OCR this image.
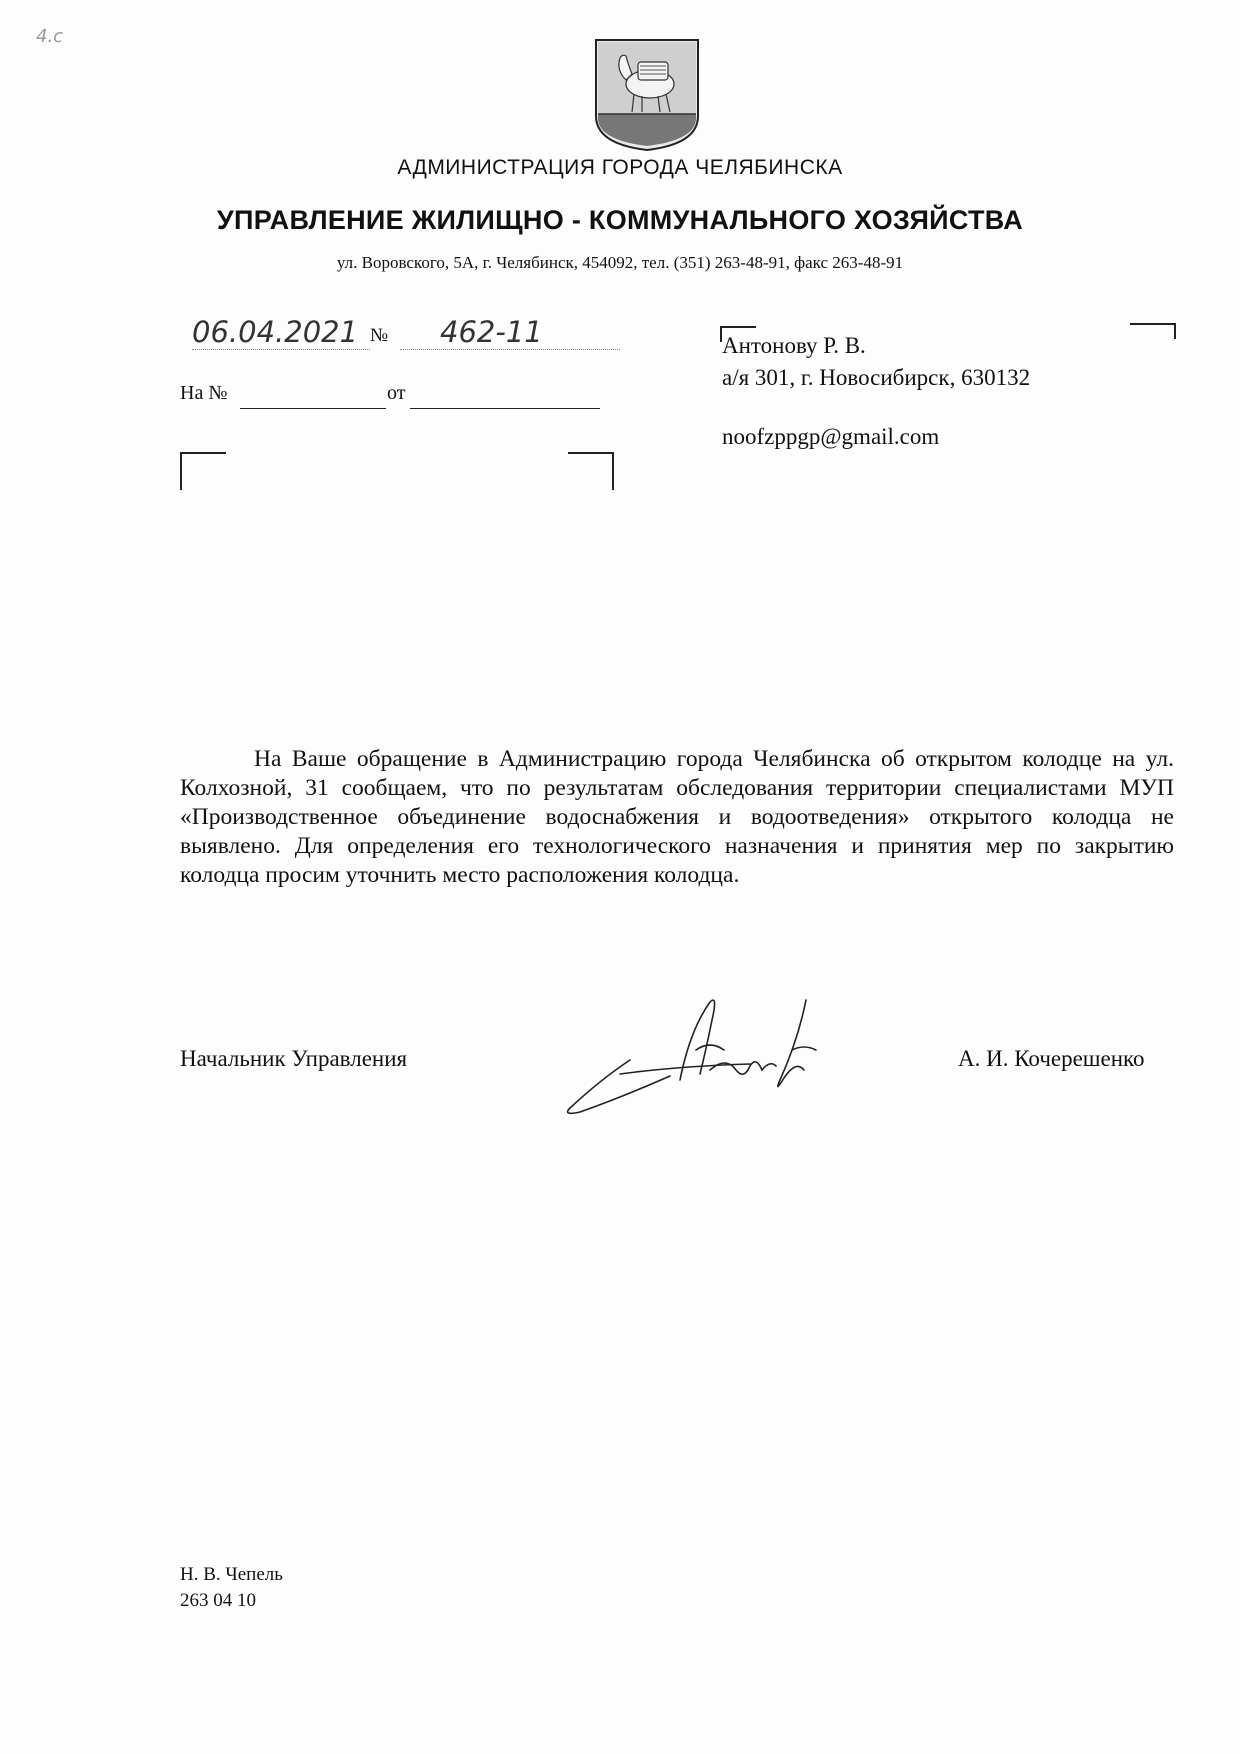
4.c
АДМИНИСТРАЦИЯ ГОРОДА ЧЕЛЯБИНСКА
УПРАВЛЕНИЕ ЖИЛИЩНО - КОММУНАЛЬНОГО ХОЗЯЙСТВА
ул. Воровского, 5А, г. Челябинск, 454092, тел. (351) 263-48-91, факс 263-48-91
06.04.2021	462-11
№
На №	от
Антонову Р. В.
а/я 301, г. Новосибирск, 630132
noofzppgp@gmail.com
На Ваше обращение в Администрацию города Челябинска об открытом колодце на ул. Колхозной, 31 сообщаем, что по результатам обследования территории специалистами МУП «Производственное объединение водоснабжения и водоотведения» открытого колодца не выявлено. Для определения его технологического назначения и принятия мер по закрытию колодца просим уточнить место расположения колодца.
Начальник Управления	А. И. Кочерешенко
Н. В. Чепель
263 04 10
